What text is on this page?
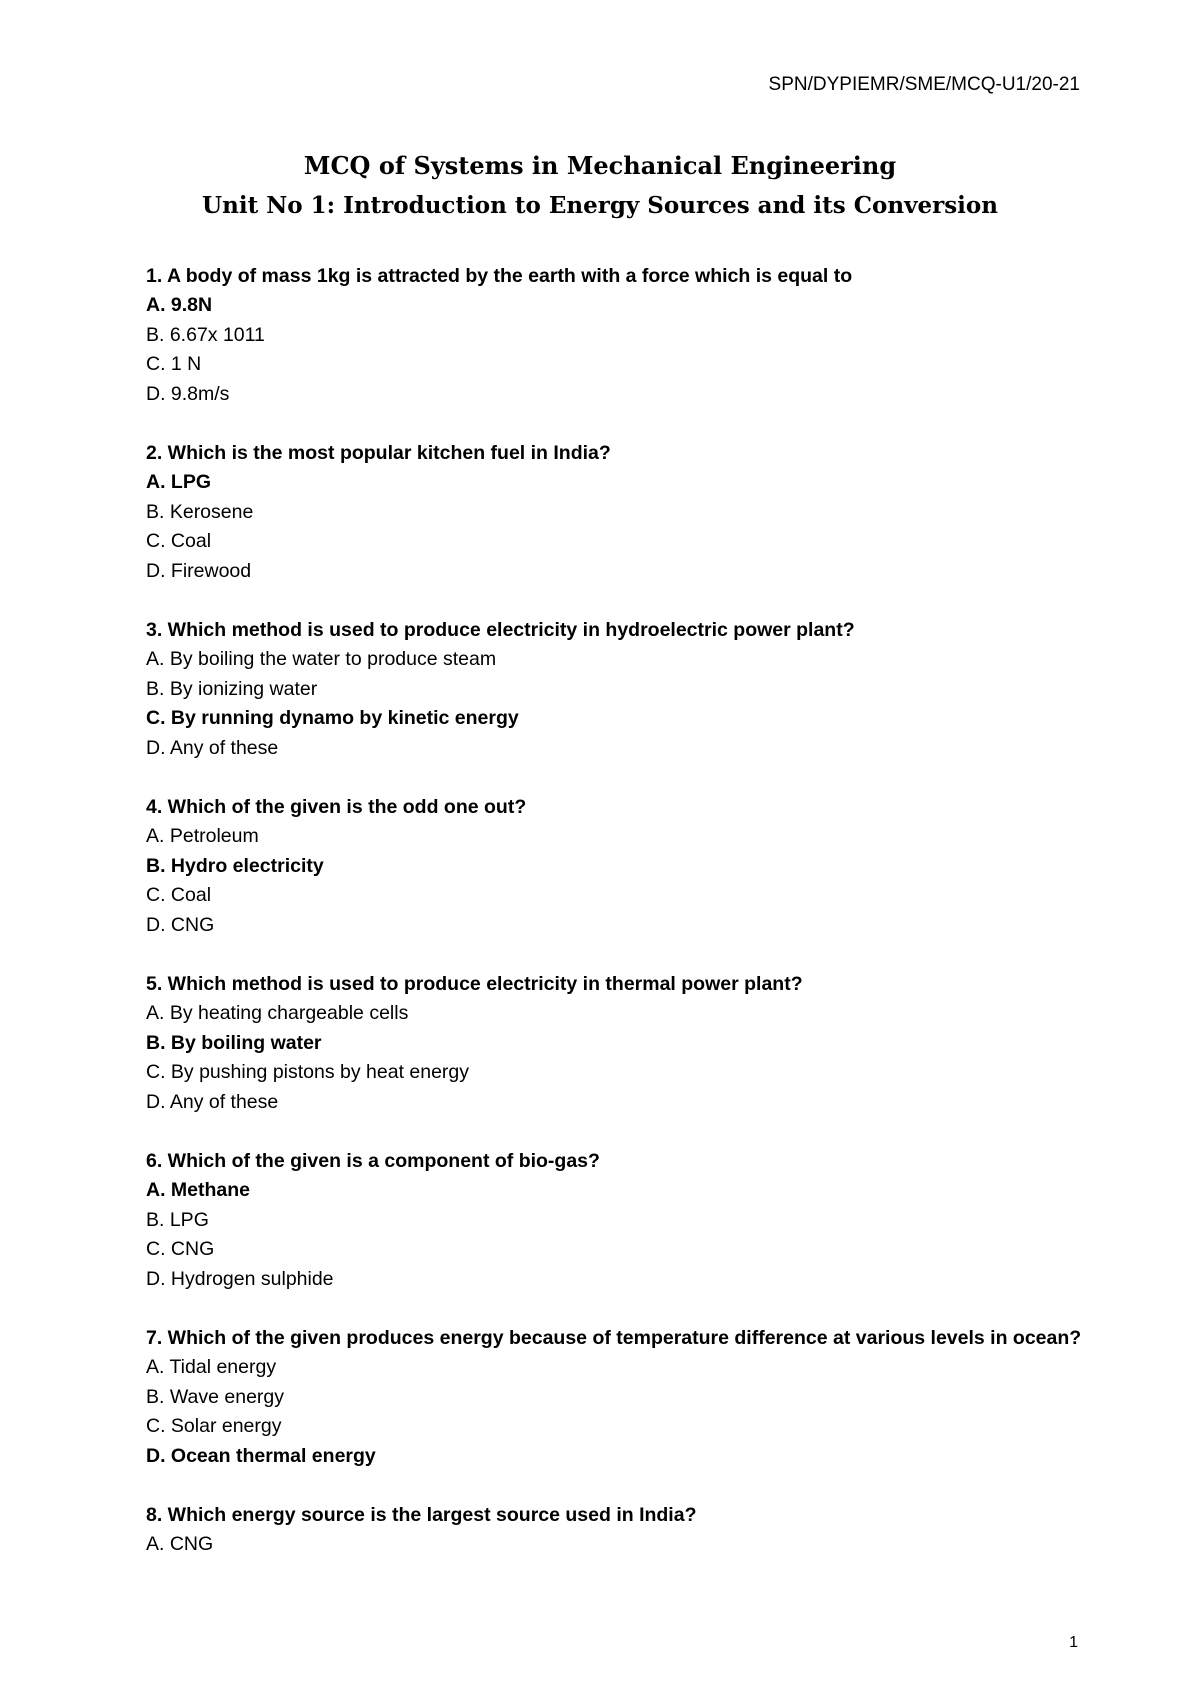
SPN/DYPIEMR/SME/MCQ-U1/20-21
MCQ of Systems in Mechanical Engineering
Unit No 1: Introduction to Energy Sources and its Conversion
1. A body of mass 1kg is attracted by the earth with a force which is equal to
A. 9.8N
B. 6.67x 1011
C. 1 N
D. 9.8m/s
2. Which is the most popular kitchen fuel in India?
A. LPG
B. Kerosene
C. Coal
D. Firewood
3. Which method is used to produce electricity in hydroelectric power plant?
A. By boiling the water to produce steam
B. By ionizing water
C. By running dynamo by kinetic energy
D. Any of these
4. Which of the given is the odd one out?
A. Petroleum
B. Hydro electricity
C. Coal
D. CNG
5. Which method is used to produce electricity in thermal power plant?
A. By heating chargeable cells
B. By boiling water
C. By pushing pistons by heat energy
D. Any of these
6. Which of the given is a component of bio-gas?
A. Methane
B. LPG
C. CNG
D. Hydrogen sulphide
7. Which of the given produces energy because of temperature difference at various levels in ocean?
A. Tidal energy
B. Wave energy
C. Solar energy
D. Ocean thermal energy
8. Which energy source is the largest source used in India?
A. CNG
1
